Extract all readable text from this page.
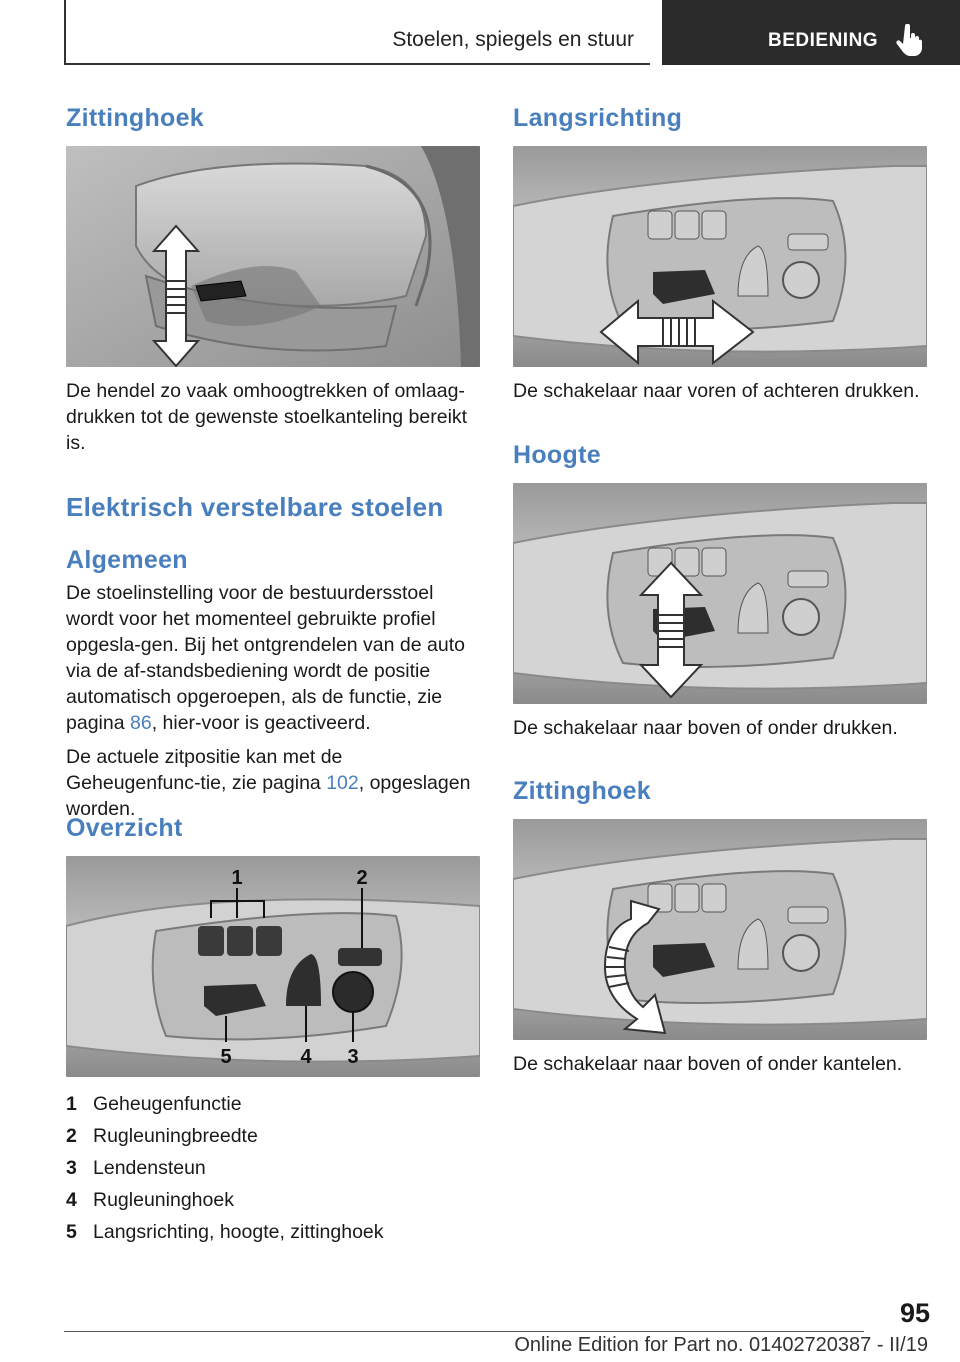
Stoelen, spiegels en stuur	BEDIENING
Zittinghoek
De hendel zo vaak omhoogtrekken of omlaag-drukken tot de gewenste stoelkanteling bereikt is.
Elektrisch verstelbare stoelen
Algemeen

De stoelinstelling voor de bestuurdersstoel wordt voor het momenteel gebruikte profiel opgesla-gen. Bij het ontgrendelen van de auto via de af-standsbediening wordt de positie automatisch opgeroepen, als de functie, zie pagina 86, hier-voor is geactiveerd.

De actuele zitpositie kan met de Geheugenfunc-tie, zie pagina 102, opgeslagen worden.

Overzicht
1	2
3
4
5
1 Geheugenfunctie
2 Rugleuningbreedte
3 Lendensteun
4 Rugleuninghoek
5 Langsrichting, hoogte, zittinghoek
Langsrichting
De schakelaar naar voren of achteren drukken.
Hoogte
De schakelaar naar boven of onder drukken.
Zittinghoek
De schakelaar naar boven of onder kantelen.
95
Online Edition for Part no. 01402720387 - II/19
